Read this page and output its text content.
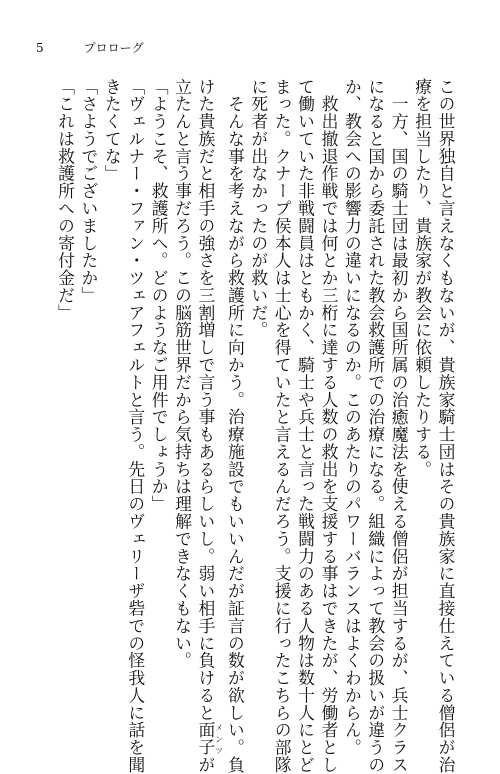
5	プロローグ
この世界独自と言えなくもないが、貴族家騎士団はその貴族家に直接仕えている僧侶が治
療を担当したり、貴族家が教会に依頼したりする。
　一方、国の騎士団は最初から国所属の治癒魔法を使える僧侶が担当するが、兵士クラス
になると国から委託された教会救護所での治療になる。組織によって教会の扱いが違うの
か、教会への影響力の違いになるのか。このあたりのパワーバランスはよくわからん。
　救出撤退作戦では何とか三桁に達する人数の救出を支援する事はできたが、労働者とし
て働いていた非戦闘員はともかく、騎士や兵士と言った戦闘力のある人物は数十人にとど
まった。クナープ侯本人は士心を得ていたと言えるんだろう。支援に行ったこちらの部隊
に死者が出なかったのが救いだ。
　そんな事を考えながら救護所に向かう。治療施設でもいいんだが証言の数が欲しい。負
けた貴族だと相手の強さを三割増しで言う事もあるらしいし。弱い相手に負けると面子メンツが
立たんと言う事だろう。この脳筋世界だから気持ちは理解できなくもない。
「ようこそ、救護所へ。どのようなご用件でしょうか」
「ヴェルナー・ファン・ツェアフェルトと言う。先日のヴェリーザ砦での怪我人に話を聞
きたくてな」
「さようでございましたか」
「これは救護所への寄付金だ」
